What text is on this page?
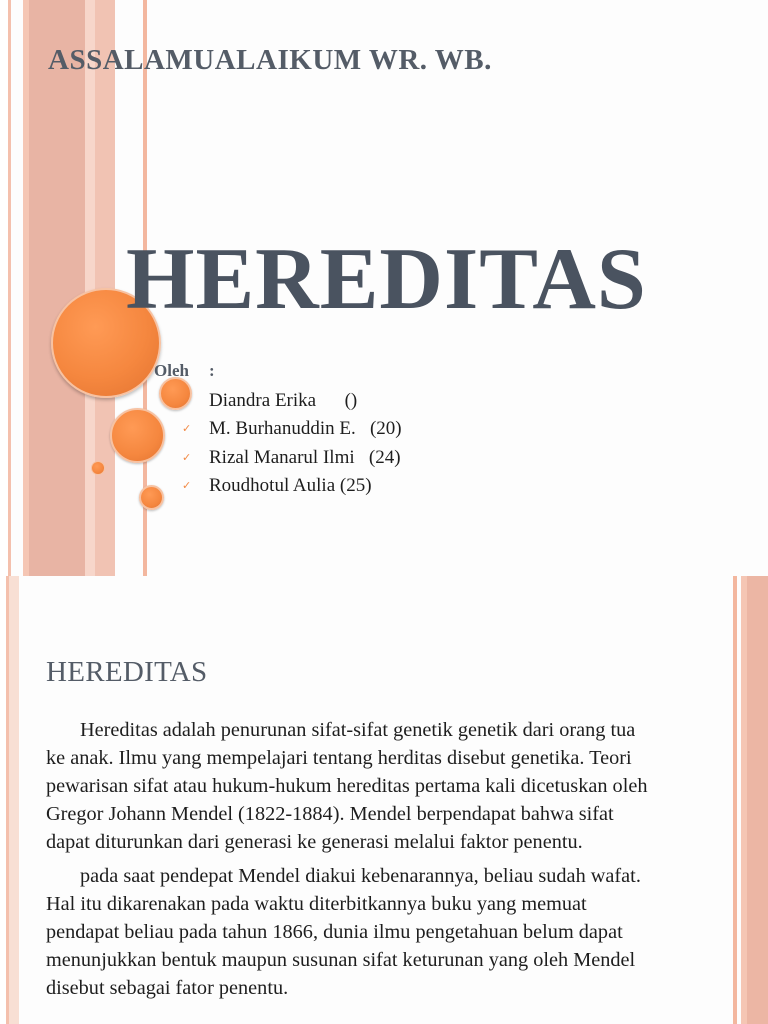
ASSALAMUALAIKUM WR. WB.
HEREDITAS
Oleh :

Diandra Erika      ()

✓

M. Burhanuddin E.   (20)

✓

Rizal Manarul Ilmi   (24)

✓

Roudhotul Aulia (25)

HEREDITAS

Hereditas adalah penurunan sifat-sifat genetik genetik dari orang tua ke anak. Ilmu yang mempelajari tentang herditas disebut genetika. Teori pewarisan sifat atau hukum-hukum hereditas pertama kali dicetuskan oleh Gregor Johann Mendel (1822-1884). Mendel berpendapat bahwa sifat dapat diturunkan dari generasi ke generasi melalui faktor penentu.

pada saat pendepat Mendel diakui kebenarannya, beliau sudah wafat. Hal itu dikarenakan pada waktu diterbitkannya buku yang memuat pendapat beliau pada tahun 1866, dunia ilmu pengetahuan belum dapat menunjukkan bentuk maupun susunan sifat keturunan yang oleh Mendel disebut sebagai fator penentu.
